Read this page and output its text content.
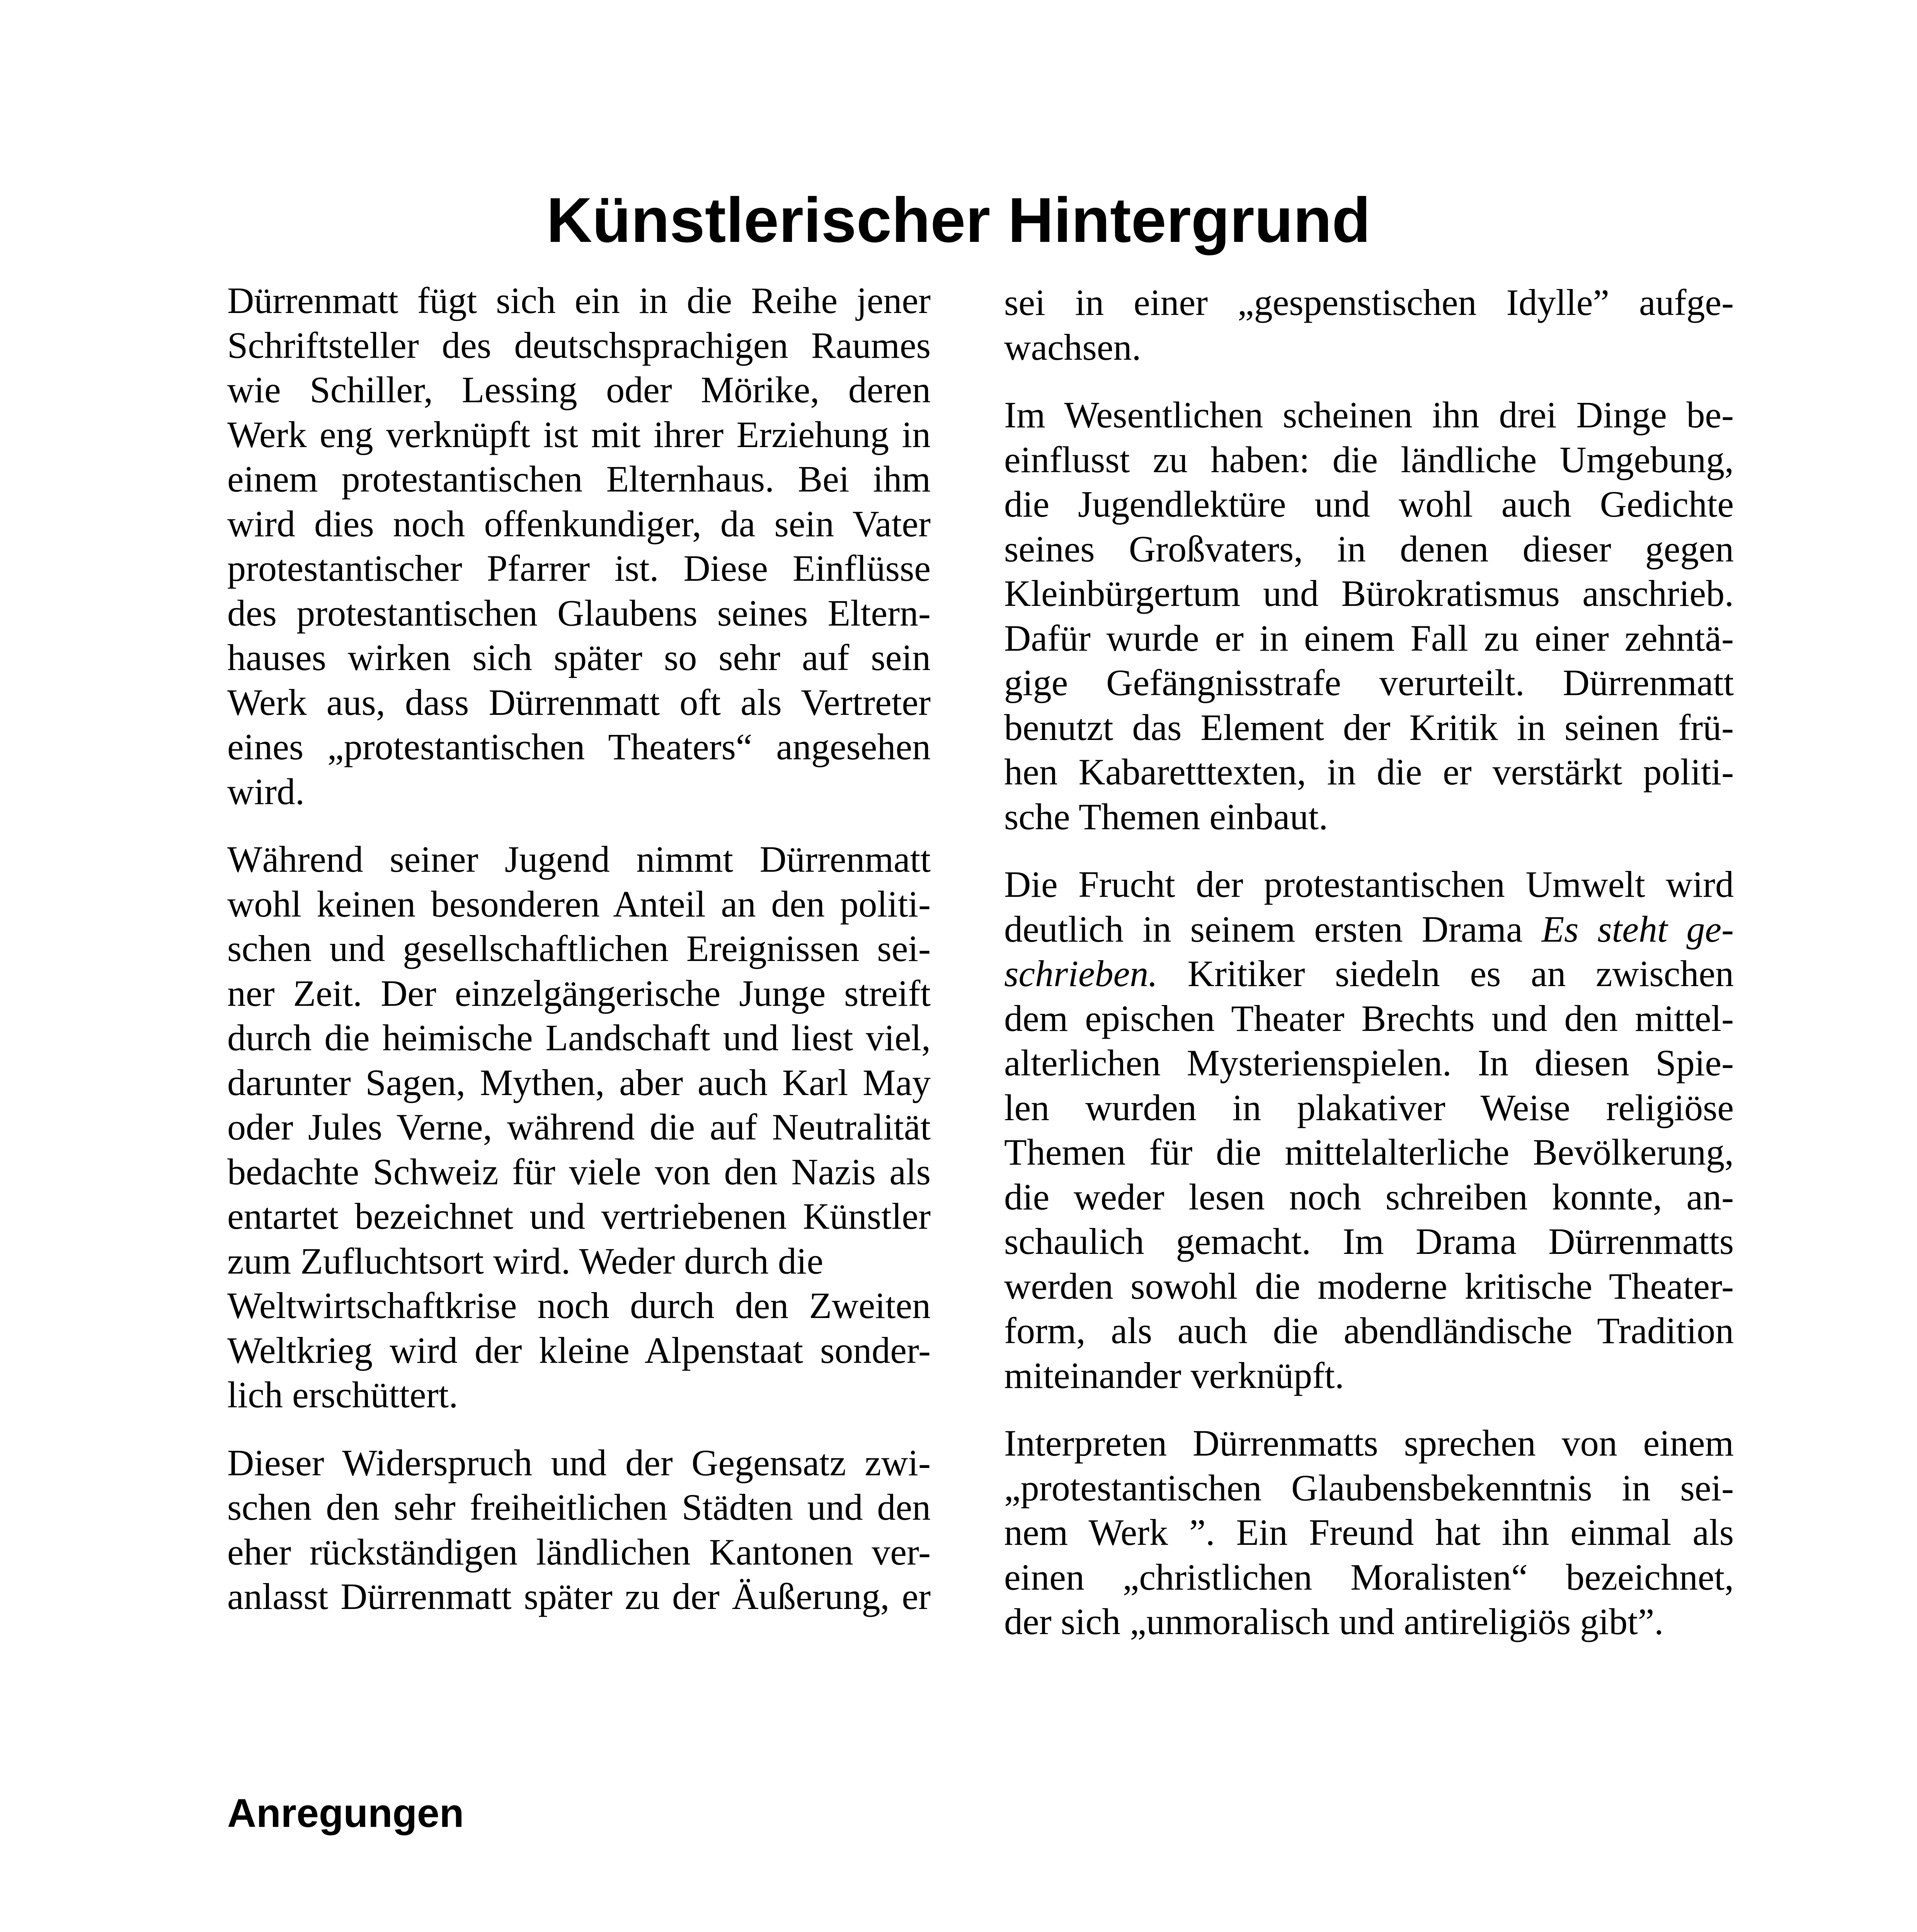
Künstlerischer Hintergrund

Dürrenmatt fügt sich ein in die Reihe jener
Schriftsteller des deutschsprachigen Raumes
wie Schiller, Lessing oder Mörike, deren
Werk eng verknüpft ist mit ihrer Erziehung in
einem protestantischen Elternhaus. Bei ihm
wird dies noch offenkundiger, da sein Vater
protestantischer Pfarrer ist. Diese Einflüsse
des protestantischen Glaubens seines Eltern-
hauses wirken sich später so sehr auf sein
Werk aus, dass Dürrenmatt oft als Vertreter
eines „protestantischen Theaters“ angesehen
wird.

Während seiner Jugend nimmt Dürrenmatt
wohl keinen besonderen Anteil an den politi-
schen und gesellschaftlichen Ereignissen sei-
ner Zeit. Der einzelgängerische Junge streift
durch die heimische Landschaft und liest viel,
darunter Sagen, Mythen, aber auch Karl May
oder Jules Verne, während die auf Neutralität
bedachte Schweiz für viele von den Nazis als
entartet bezeichnet und vertriebenen Künstler
zum Zufluchtsort wird. Weder durch die
Weltwirtschaftkrise noch durch den Zweiten
Weltkrieg wird der kleine Alpenstaat sonder-
lich erschüttert.

Dieser Widerspruch und der Gegensatz zwi-
schen den sehr freiheitlichen Städten und den
eher rückständigen ländlichen Kantonen ver-
anlasst Dürrenmatt später zu der Äußerung, er

sei in einer „gespenstischen Idylle” aufge-
wachsen.

Im Wesentlichen scheinen ihn drei Dinge be-
einflusst zu haben: die ländliche Umgebung,
die Jugendlektüre und wohl auch Gedichte
seines Großvaters, in denen dieser gegen
Kleinbürgertum und Bürokratismus anschrieb.
Dafür wurde er in einem Fall zu einer zehntä-
gige Gefängnisstrafe verurteilt. Dürrenmatt
benutzt das Element der Kritik in seinen frü-
hen Kabaretttexten, in die er verstärkt politi-
sche Themen einbaut.

Die Frucht der protestantischen Umwelt wird
deutlich in seinem ersten Drama Es steht ge-
schrieben. Kritiker siedeln es an zwischen
dem epischen Theater Brechts und den mittel-
alterlichen Mysterienspielen. In diesen Spie-
len wurden in plakativer Weise religiöse
Themen für die mittelalterliche Bevölkerung,
die weder lesen noch schreiben konnte, an-
schaulich gemacht. Im Drama Dürrenmatts
werden sowohl die moderne kritische Theater-
form, als auch die abendländische Tradition
miteinander verknüpft.

Interpreten Dürrenmatts sprechen von einem
„protestantischen Glaubensbekenntnis in sei-
nem Werk ”. Ein Freund hat ihn einmal als
einen „christlichen Moralisten“ bezeichnet,
der sich „unmoralisch und antireligiös gibt”.

Anregungen
